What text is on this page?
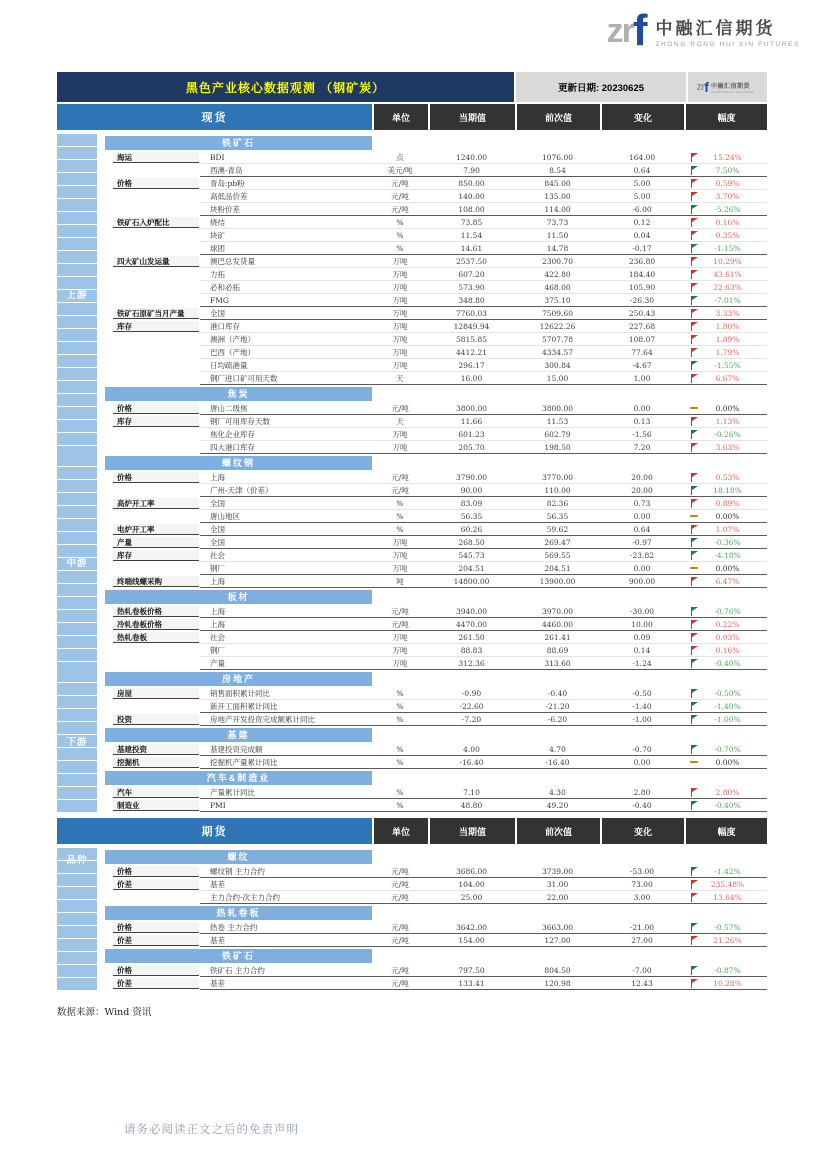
zr f 中融汇信期货
ZHONG RONG HUI XIN FUTURES
黑色产业核心数据观测 （钢矿炭）	更新日期: 20230625	zr f 中融汇信期货
ZHONG RONG HUI XIN FUTURES
现货	单位	当期值	前次值	变化	幅度
上游
铁矿石
海运	BDI	点	1240.00	1076.00	164.00	15.24%
西澳-青岛	美元/吨	7.90	8.54	0.64	7.50%
价格	青岛:pb粉	元/吨	850.00	845.00	5.00	0.59%
高低品价差	元/吨	140.00	135.00	5.00	3.70%
块粉价差	元/吨	108.00	114.00	-6.00	-5.26%
铁矿石入炉配比	烧结	%	73.85	73.73	0.12	0.16%
块矿	%	11.54	11.50	0.04	0.35%
球团	%	14.61	14.78	-0.17	-1.15%
四大矿山发运量	澳巴总发货量	万吨	2537.50	2300.70	236.80	10.29%
力拓	万吨	607.20	422.80	184.40	43.61%
必和必拓	万吨	573.90	468.00	105.90	22.63%
FMG	万吨	348.80	375.10	-26.30	-7.01%
铁矿石原矿当月产量	全国	万吨	7760.03	7509.60	250.43	3.33%
库存	港口库存	万吨	12849.94	12622.26	227.68	1.80%
澳洲（产地）	万吨	5815.85	5707.78	108.07	1.89%
巴西（产地）	万吨	4412.21	4334.57	77.64	1.79%
日均疏港量	万吨	296.17	300.84	-4.67	-1.55%
钢厂进口矿可用天数	天	16.00	15.00	1.00	6.67%
焦炭
价格	唐山二级焦	元/吨	3800.00	3800.00	0.00	0.00%
库存	钢厂可用库存天数	天	11.66	11.53	0.13	1.13%
焦化企业库存	万吨	601.23	602.79	-1.56	-0.26%
四大港口库存	万吨	205.70	198.50	7.20	3.63%
中游
螺纹钢
价格	上海	元/吨	3790.00	3770.00	20.00	0.53%
广州-天津（价差）	元/吨	90.00	110.00	20.00	18.18%
高炉开工率	全国	%	83.09	82.36	0.73	0.89%
唐山地区	%	56.35	56.35	0.00	0.00%
电炉开工率	全国	%	60.26	59.62	0.64	1.07%
产量	全国	万吨	268.50	269.47	-0.97	-0.36%
库存	社会	万吨	545.73	569.55	-23.82	-4.18%
钢厂	万吨	204.51	204.51	0.00	0.00%
终端线螺采购	上海	吨	14800.00	13900.00	900.00	6.47%
板材
热轧卷板价格	上海	元/吨	3940.00	3970.00	-30.00	-0.76%
冷轧卷板价格	上海	元/吨	4470.00	4460.00	10.00	0.22%
热轧卷板	社会	万吨	261.50	261.41	0.09	0.03%
钢厂	万吨	88.83	88.69	0.14	0.16%
产量	万吨	312.36	313.60	-1.24	-0.40%
下游
房地产
房屋	销售面积累计同比	%	-0.90	-0.40	-0.50	-0.50%
新开工面积累计同比	%	-22.60	-21.20	-1.40	-1.40%
投资	房地产开发投资完成额累计同比	%	-7.20	-6.20	-1.00	-1.00%
基建
基建投资	基建投资完成额	%	4.00	4.70	-0.70	-0.70%
挖掘机	挖掘机产量累计同比	%	-16.40	-16.40	0.00	0.00%
汽车&制造业
汽车	产量累计同比	%	7.10	4.30	2.80	2.80%
制造业	PMI	%	48.80	49.20	-0.40	-0.40%
期货	单位	当期值	前次值	变化	幅度
品种	螺纹
价格	螺纹钢 主力合约	元/吨	3686.00	3739.00	-53.00	-1.42%
价差	基差	元/吨	104.00	31.00	73.00	235.48%
主力合约-次主力合约	元/吨	25.00	22.00	3.00	13.64%
热轧卷板
价格	热卷 主力合约	元/吨	3642.00	3663.00	-21.00	-0.57%
价差	基差	元/吨	154.00	127.00	27.00	21.26%
铁矿石
价格	铁矿石 主力合约	元/吨	797.50	804.50	-7.00	-0.87%
价差	基差	元/吨	133.41	120.98	12.43	10.28%
数据来源：Wind 资讯
请务必阅读正文之后的免责声明
